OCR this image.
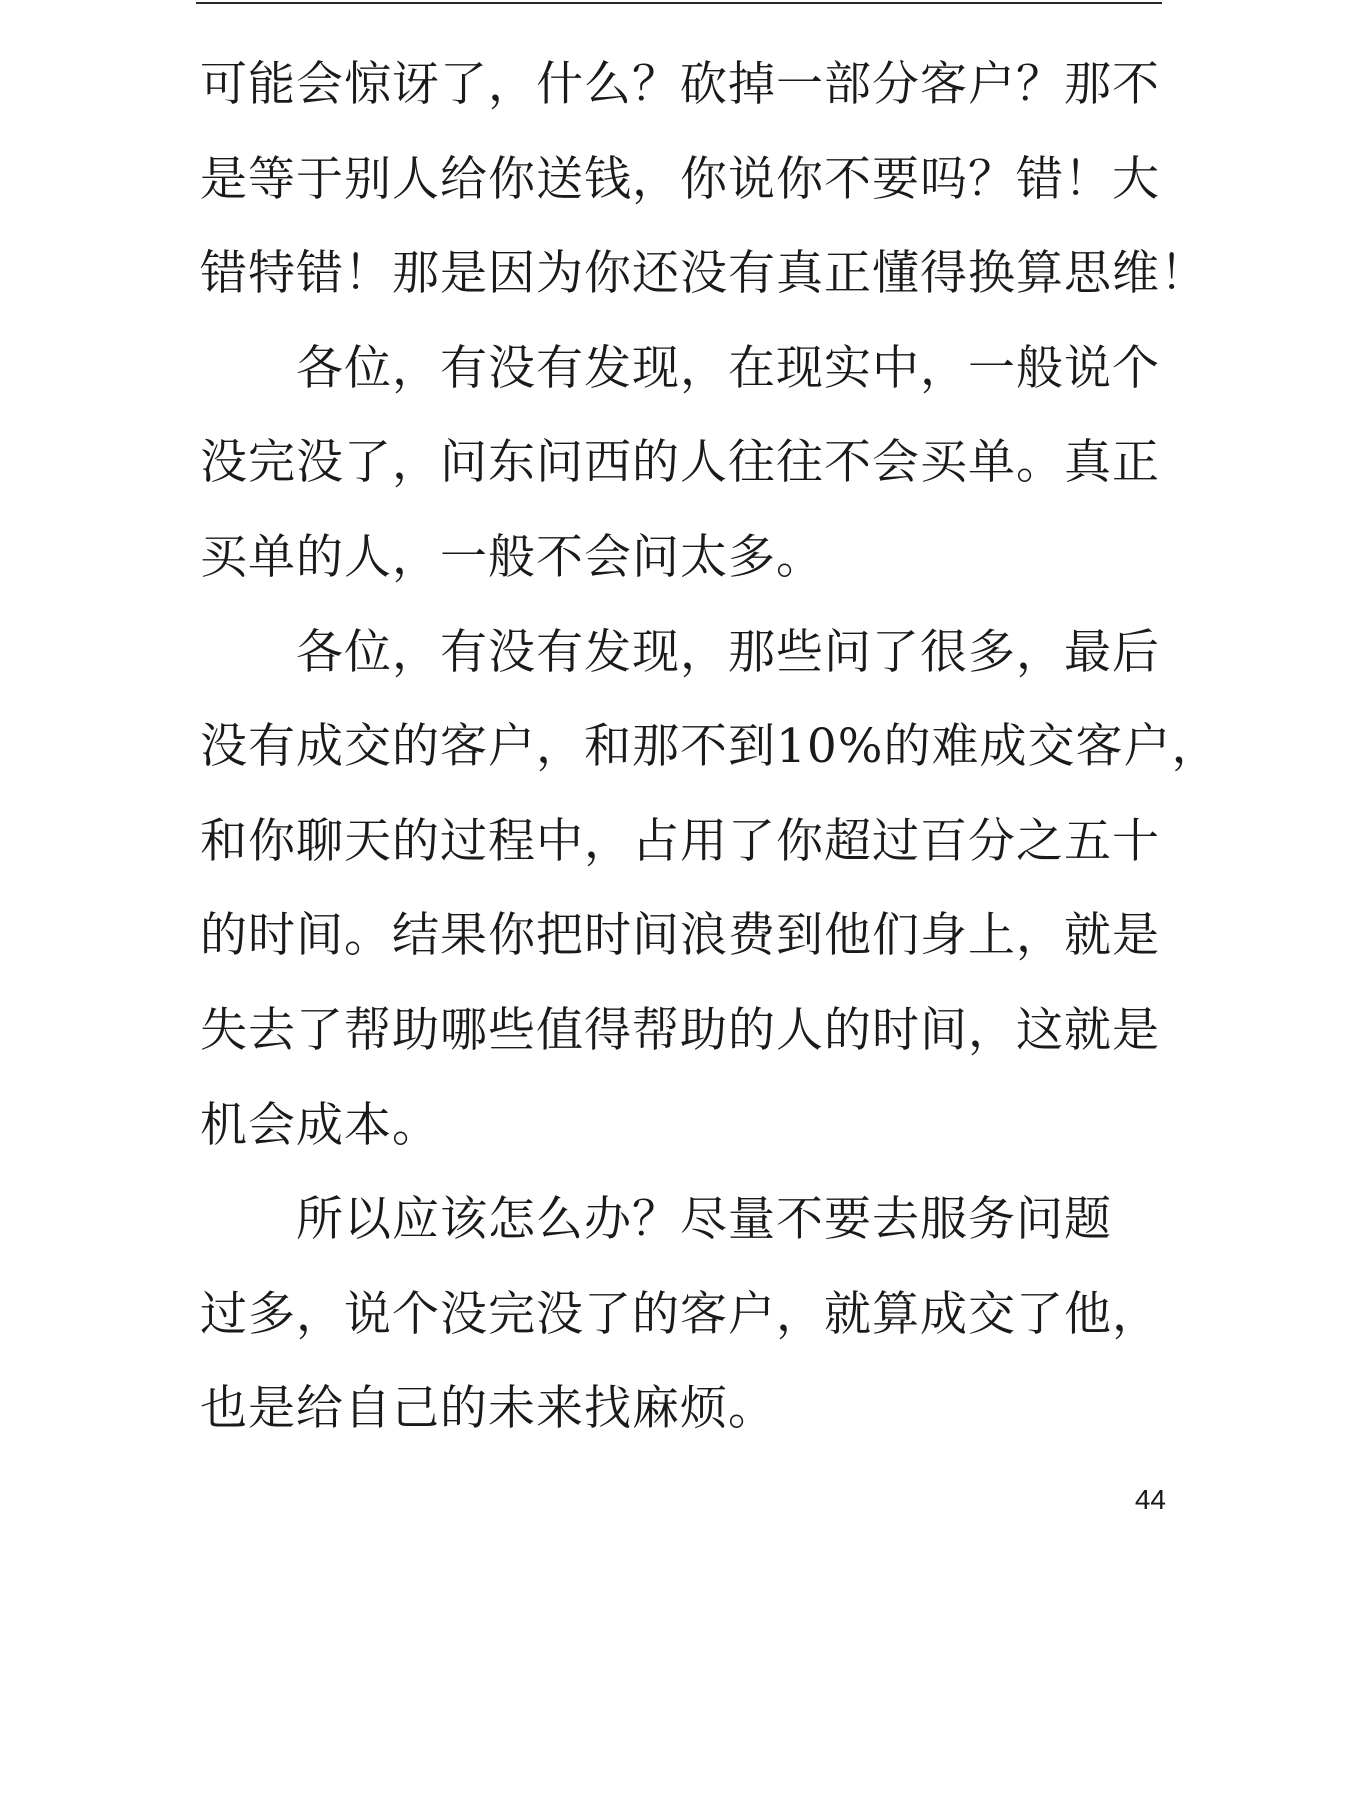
可能会惊讶了，什么？砍掉一部分客户？那不
是等于别人给你送钱，你说你不要吗？错！大
错特错！那是因为你还没有真正懂得换算思维！
　　各位，有没有发现，在现实中，一般说个
没完没了，问东问西的人往往不会买单。真正
买单的人，一般不会问太多。
　　各位，有没有发现，那些问了很多，最后
没有成交的客户，和那不到10%的难成交客户，
和你聊天的过程中，占用了你超过百分之五十
的时间。结果你把时间浪费到他们身上，就是
失去了帮助哪些值得帮助的人的时间，这就是
机会成本。
　　所以应该怎么办？尽量不要去服务问题
过多，说个没完没了的客户，就算成交了他，
也是给自己的未来找麻烦。
44
